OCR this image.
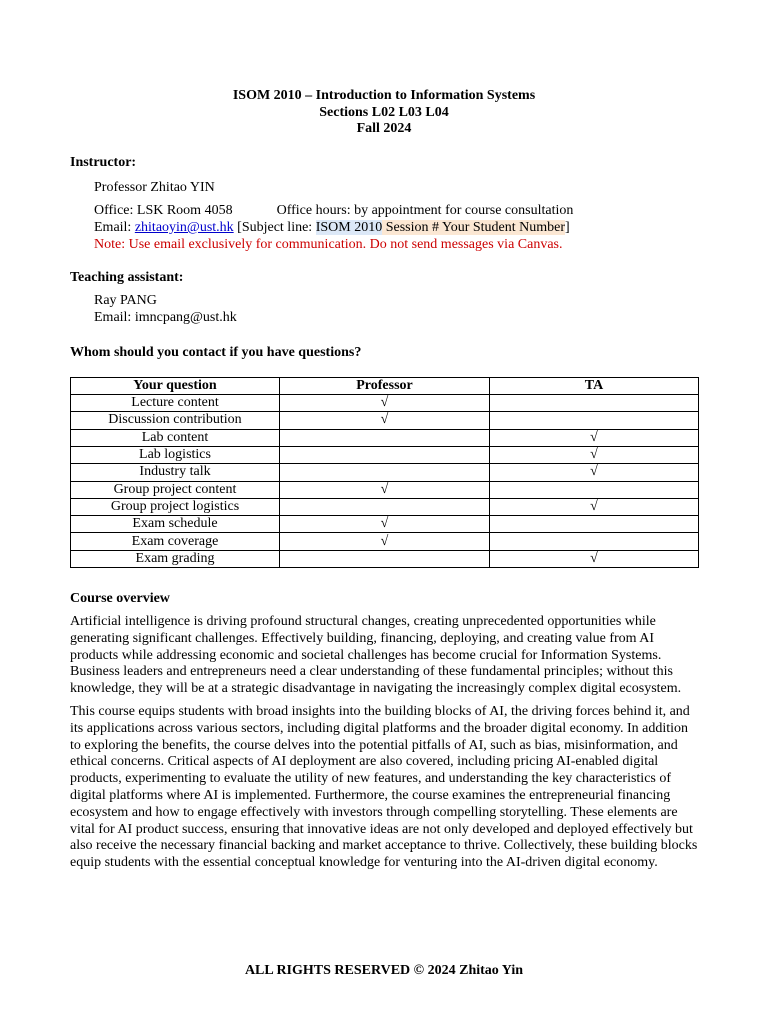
ISOM 2010 – Introduction to Information Systems
Sections L02 L03 L04
Fall 2024

Instructor:

Professor Zhitao YIN
Office: LSK Room 4058	Office hours: by appointment for course consultation
Email: zhitaoyin@ust.hk [Subject line: ISOM 2010 Session # Your Student Number]
Note: Use email exclusively for communication. Do not send messages via Canvas.

Teaching assistant:

Ray PANG
Email: imncpang@ust.hk

Whom should you contact if you have questions?

Your question	Professor	TA
Lecture content	√	
Discussion contribution	√	
Lab content		√
Lab logistics		√
Industry talk		√
Group project content	√	
Group project logistics		√
Exam schedule	√	
Exam coverage	√	
Exam grading		√

Course overview

Artificial intelligence is driving profound structural changes, creating unprecedented opportunities while generating significant challenges. Effectively building, financing, deploying, and creating value from AI products while addressing economic and societal challenges has become crucial for Information Systems. Business leaders and entrepreneurs need a clear understanding of these fundamental principles; without this knowledge, they will be at a strategic disadvantage in navigating the increasingly complex digital ecosystem.

This course equips students with broad insights into the building blocks of AI, the driving forces behind it, and its applications across various sectors, including digital platforms and the broader digital economy. In addition to exploring the benefits, the course delves into the potential pitfalls of AI, such as bias, misinformation, and ethical concerns. Critical aspects of AI deployment are also covered, including pricing AI-enabled digital products, experimenting to evaluate the utility of new features, and understanding the key characteristics of digital platforms where AI is implemented. Furthermore, the course examines the entrepreneurial financing ecosystem and how to engage effectively with investors through compelling storytelling. These elements are vital for AI product success, ensuring that innovative ideas are not only developed and deployed effectively but also receive the necessary financial backing and market acceptance to thrive. Collectively, these building blocks equip students with the essential conceptual knowledge for venturing into the AI-driven digital economy.

ALL RIGHTS RESERVED © 2024 Zhitao Yin
